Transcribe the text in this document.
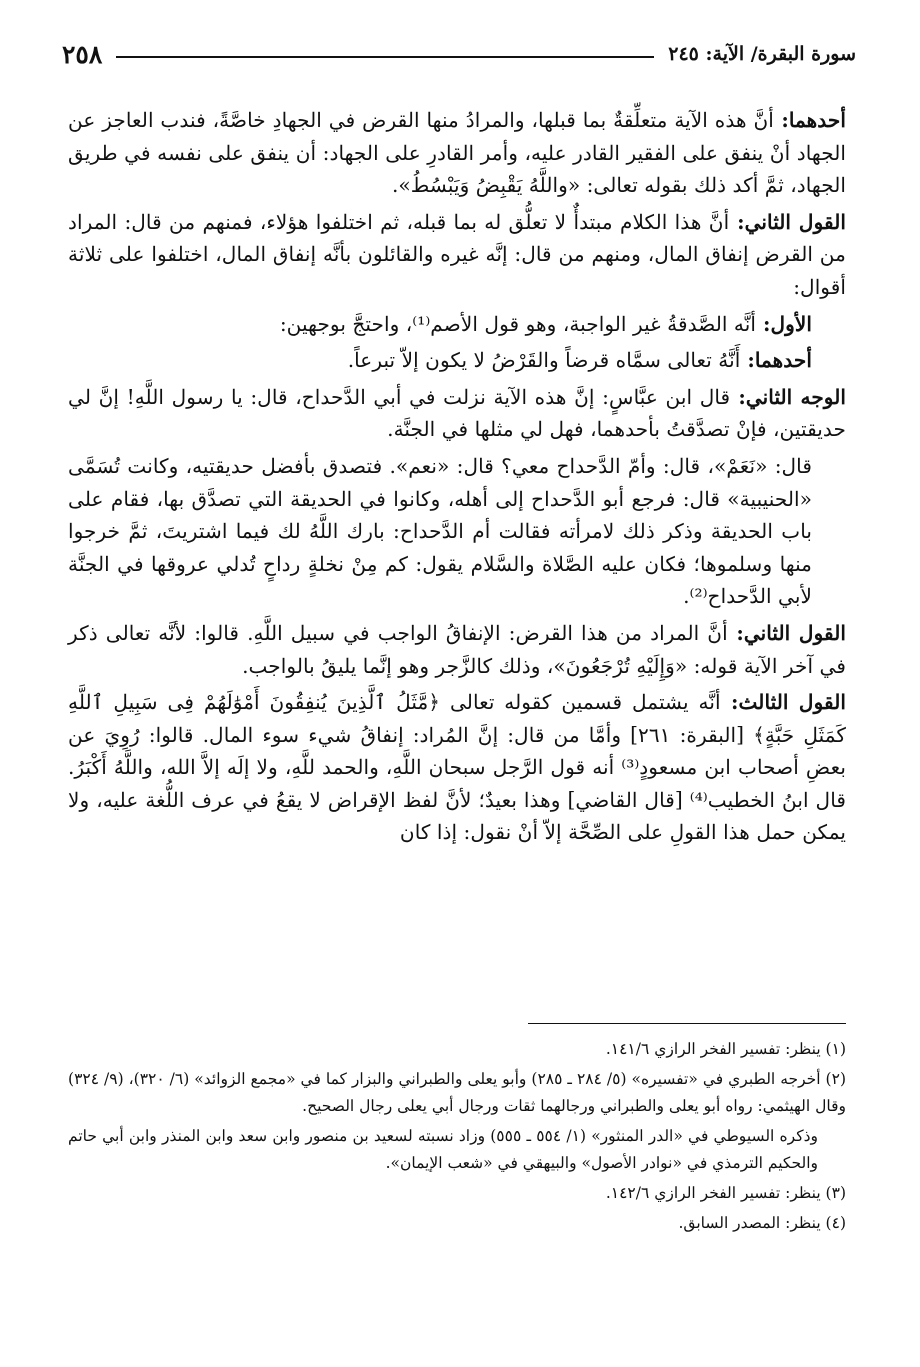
٢٥٨	سورة البقرة/ الآية: ٢٤٥

أحدهما: أنَّ هذه الآية متعلِّقةٌ بما قبلها، والمرادُ منها القرض في الجهادِ خاصَّةً، فندب العاجز عن الجهاد أنْ ينفق على الفقير القادر عليه، وأمر القادرِ على الجهاد: أن ينفق على نفسه في طريق الجهاد، ثمَّ أكد ذلك بقوله تعالى: «واللَّهُ يَقْبِضُ وَيَبْسُطُ».

القول الثاني: أنَّ هذا الكلام مبتدأٌ لا تعلُّق له بما قبله، ثم اختلفوا هؤلاء، فمنهم من قال: المراد من القرض إنفاق المال، ومنهم من قال: إنَّه غيره والقائلون بأنَّه إنفاق المال، اختلفوا على ثلاثة أقوال:

الأول: أنَّه الصَّدقةُ غير الواجبة، وهو قول الأصم⁽¹⁾، واحتجَّ بوجهين:

أحدهما: أَنَّهُ تعالى سمَّاه قرضاً والقَرْضُ لا يكون إلاّ تبرعاً.

الوجه الثاني: قال ابن عبَّاسٍ: إنَّ هذه الآية نزلت في أبي الدَّحداح، قال: يا رسول اللَّهِ! إنَّ لي حديقتين، فإنْ تصدَّقتُ بأحدهما، فهل لي مثلها في الجنَّة.

قال: «نَعَمْ»، قال: وأمّ الدَّحداح معي؟ قال: «نعم». فتصدق بأفضل حديقتيه، وكانت تُسَمَّى «الحنيبية» قال: فرجع أبو الدَّحداح إلى أهله، وكانوا في الحديقة التي تصدَّق بها، فقام على باب الحديقة وذكر ذلك لامرأته فقالت أم الدَّحداح: بارك اللَّهُ لك فيما اشتريتَ، ثمَّ خرجوا منها وسلموها؛ فكان عليه الصَّلاة والسَّلام يقول: كم مِنْ نخلةٍ رداحٍ تُدلي عروقها في الجنَّة لأبي الدَّحداح⁽²⁾.

القول الثاني: أنَّ المراد من هذا القرض: الإنفاقُ الواجب في سبيل اللَّهِ. قالوا: لأنَّه تعالى ذكر في آخر الآية قوله: «وَإِلَيْهِ تُرْجَعُونَ»، وذلك كالزَّجر وهو إنَّما يليقُ بالواجب.

القول الثالث: أنَّه يشتمل قسمين كقوله تعالى ﴿مَّثَلُ ٱلَّذِينَ يُنفِقُونَ أَمْوَٰلَهُمْ فِى سَبِيلِ ٱللَّهِ كَمَثَلِ حَبَّةٍ﴾ [البقرة: ٢٦١] وأمَّا من قال: إنَّ المُراد: إنفاقُ شيء سوء المال. قالوا: رُوِيَ عن بعضِ أصحاب ابن مسعودٍ⁽³⁾ أنه قول الرَّجل سبحان اللَّهِ، والحمد للَّهِ، ولا إلَه إلاَّ الله، واللَّهُ أَكْبَرُ. قال ابنُ الخطيب⁽⁴⁾ [قال القاضي] وهذا بعيدٌ؛ لأنَّ لفظ الإقراض لا يقعُ في عرف اللُّغة عليه، ولا يمكن حمل هذا القولِ على الصِّحَّة إلاّ أنْ نقول: إذا كان

(١) ينظر: تفسير الفخر الرازي ١٤١/٦.

(٢) أخرجه الطبري في «تفسيره» (٥/ ٢٨٤ ـ ٢٨٥) وأبو يعلى والطبراني والبزار كما في «مجمع الزوائد» (٦/ ٣٢٠)، (٩/ ٣٢٤) وقال الهيثمي: رواه أبو يعلى والطبراني ورجالهما ثقات ورجال أبي يعلى رجال الصحيح.

وذكره السيوطي في «الدر المنثور» (١/ ٥٥٤ ـ ٥٥٥) وزاد نسبته لسعيد بن منصور وابن سعد وابن المنذر وابن أبي حاتم والحكيم الترمذي في «نوادر الأصول» والبيهقي في «شعب الإيمان».

(٣) ينظر: تفسير الفخر الرازي ١٤٢/٦.

(٤) ينظر: المصدر السابق.
